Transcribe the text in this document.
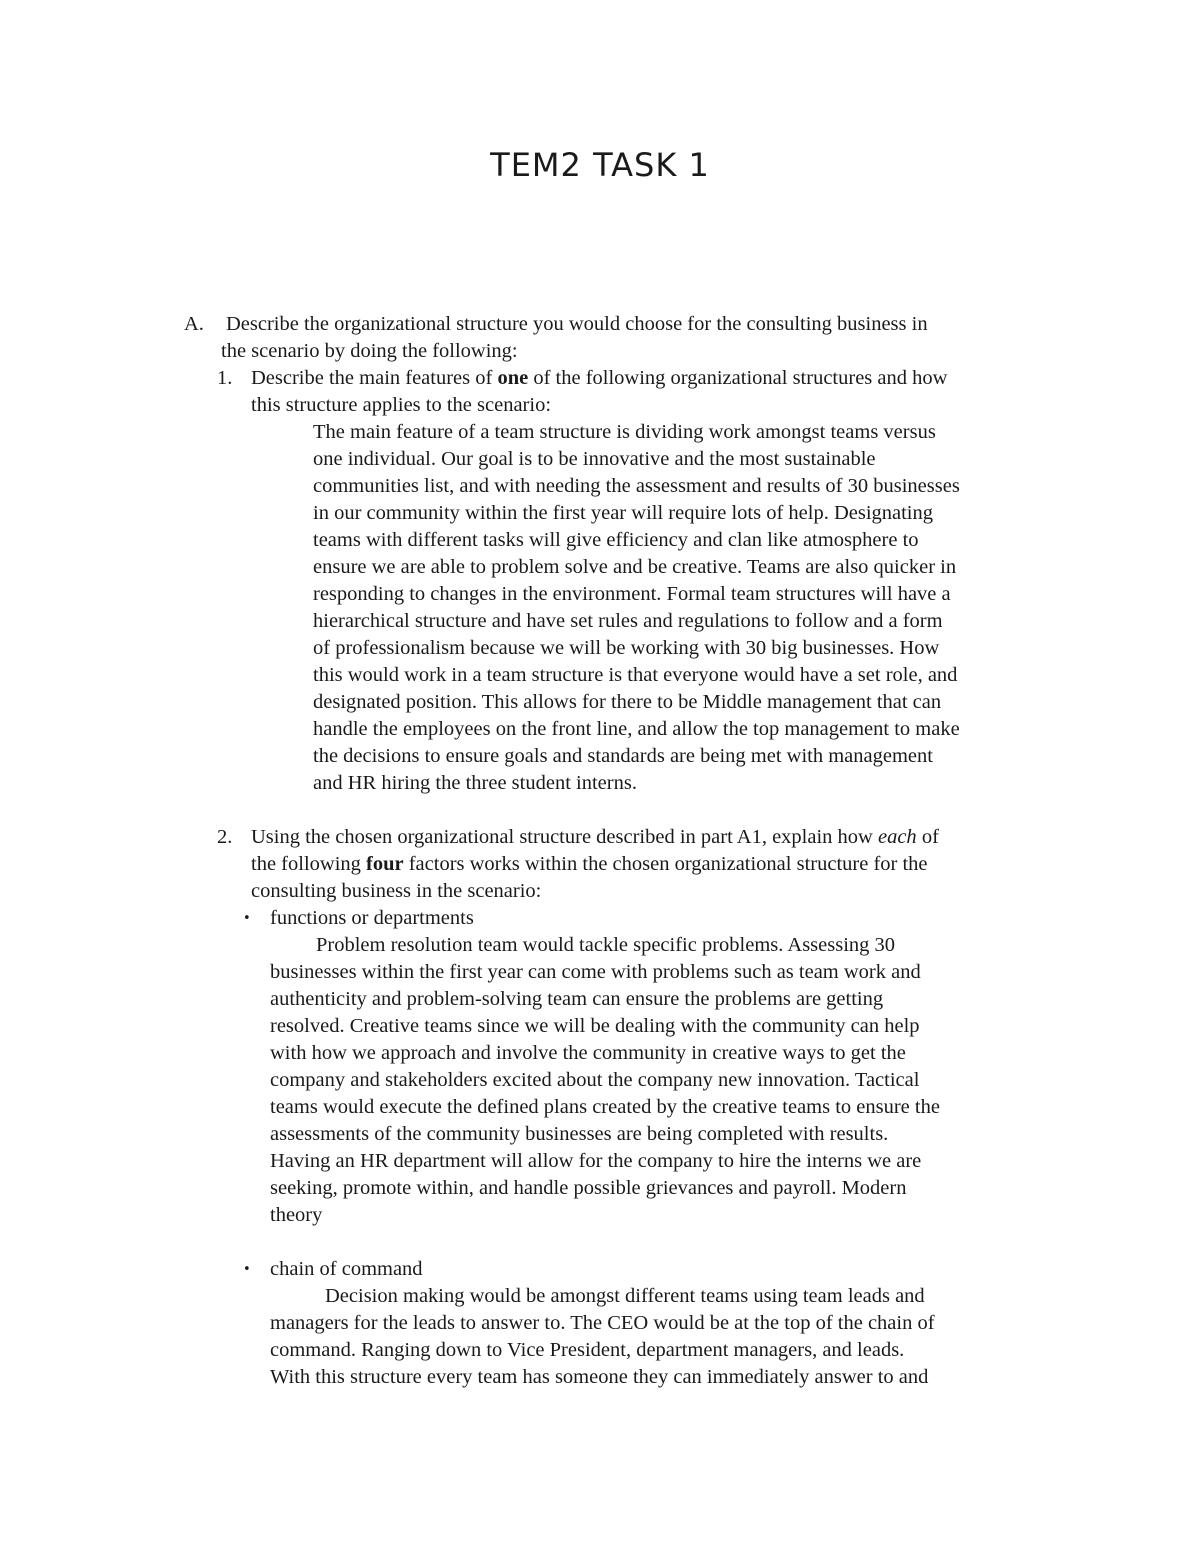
TEM2 TASK 1
A. Describe the organizational structure you would choose for the consulting business in
the scenario by doing the following:
1. Describe the main features of one of the following organizational structures and how
this structure applies to the scenario:
The main feature of a team structure is dividing work amongst teams versus
one individual. Our goal is to be innovative and the most sustainable
communities list, and with needing the assessment and results of 30 businesses
in our community within the first year will require lots of help. Designating
teams with different tasks will give efficiency and clan like atmosphere to
ensure we are able to problem solve and be creative. Teams are also quicker in
responding to changes in the environment. Formal team structures will have a
hierarchical structure and have set rules and regulations to follow and a form
of professionalism because we will be working with 30 big businesses. How
this would work in a team structure is that everyone would have a set role, and
designated position. This allows for there to be Middle management that can
handle the employees on the front line, and allow the top management to make
the decisions to ensure goals and standards are being met with management
and HR hiring the three student interns.
2. Using the chosen organizational structure described in part A1, explain how each of
the following four factors works within the chosen organizational structure for the
consulting business in the scenario:
• functions or departments
Problem resolution team would tackle specific problems. Assessing 30
businesses within the first year can come with problems such as team work and
authenticity and problem-solving team can ensure the problems are getting
resolved. Creative teams since we will be dealing with the community can help
with how we approach and involve the community in creative ways to get the
company and stakeholders excited about the company new innovation. Tactical
teams would execute the defined plans created by the creative teams to ensure the
assessments of the community businesses are being completed with results.
Having an HR department will allow for the company to hire the interns we are
seeking, promote within, and handle possible grievances and payroll. Modern
theory
• chain of command
Decision making would be amongst different teams using team leads and
managers for the leads to answer to. The CEO would be at the top of the chain of
command. Ranging down to Vice President, department managers, and leads.
With this structure every team has someone they can immediately answer to and
